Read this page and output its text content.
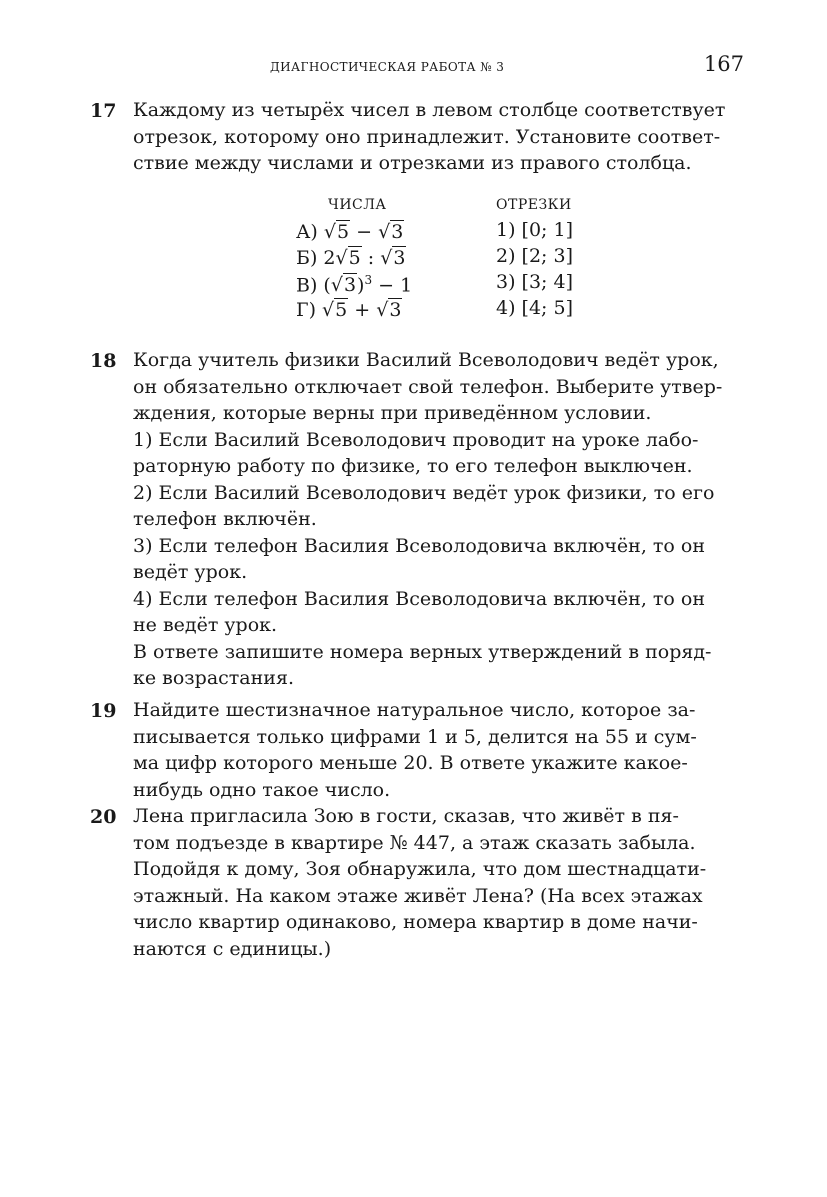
ДИАГНОСТИЧЕСКАЯ РАБОТА № 3	167
17 Каждому из четырёх чисел в левом столбце соответствует

отрезок, которому оно принадлежит. Установите соответ-

ствие между числами и отрезками из правого столбца.

ЧИСЛА	ОТРЕЗКИ
А) √5 − √3
Б) 2√5 : √3
В) $(√3)^3 - 1$
Г) √5 + √3
1) [0; 1]
2) [2; 3]
3) [3; 4]
4) [4; 5]
18 Когда учитель физики Василий Всеволодович ведёт урок,

он обязательно отключает свой телефон. Выберите утвер-

ждения, которые верны при приведённом условии.

1) Если Василий Всеволодович проводит на уроке лабо-

раторную работу по физике, то его телефон выключен.

2) Если Василий Всеволодович ведёт урок физики, то его

телефон включён.

3) Если телефон Василия Всеволодовича включён, то он

ведёт урок.

4) Если телефон Василия Всеволодовича включён, то он

не ведёт урок.

В ответе запишите номера верных утверждений в поряд-

ке возрастания.

19 Найдите шестизначное натуральное число, которое за-

писывается только цифрами 1 и 5, делится на 55 и сум-

ма цифр которого меньше 20. В ответе укажите какое-

нибудь одно такое число.

20 Лена пригласила Зою в гости, сказав, что живёт в пя-

том подъезде в квартире № 447, а этаж сказать забыла.

Подойдя к дому, Зоя обнаружила, что дом шестнадцати-

этажный. На каком этаже живёт Лена? (На всех этажах

число квартир одинаково, номера квартир в доме начи-

наются с единицы.)
